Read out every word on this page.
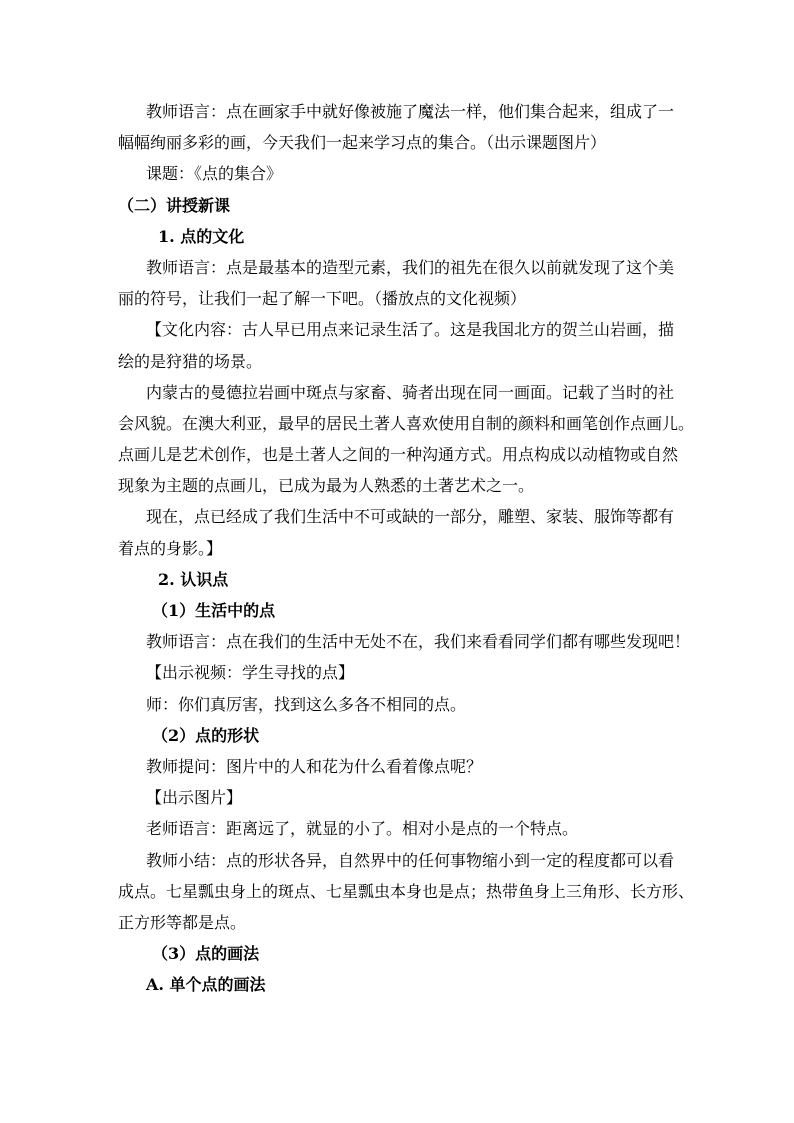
教师语言：点在画家手中就好像被施了魔法一样，他们集合起来，组成了一
幅幅绚丽多彩的画，今天我们一起来学习点的集合。（出示课题图片）
课题：《点的集合》
（二）讲授新课
1. 点的文化
教师语言：点是最基本的造型元素，我们的祖先在很久以前就发现了这个美
丽的符号，让我们一起了解一下吧。（播放点的文化视频）
【文化内容：古人早已用点来记录生活了。这是我国北方的贺兰山岩画，描
绘的是狩猎的场景。
内蒙古的曼德拉岩画中斑点与家畜、骑者出现在同一画面。记载了当时的社
会风貌。在澳大利亚，最早的居民土著人喜欢使用自制的颜料和画笔创作点画儿。
点画儿是艺术创作，也是土著人之间的一种沟通方式。用点构成以动植物或自然
现象为主题的点画儿，已成为最为人熟悉的土著艺术之一。
现在，点已经成了我们生活中不可或缺的一部分，雕塑、家装、服饰等都有
着点的身影。】
2. 认识点
（1）生活中的点
教师语言：点在我们的生活中无处不在，我们来看看同学们都有哪些发现吧！
【出示视频：学生寻找的点】
师：你们真厉害，找到这么多各不相同的点。
（2）点的形状
教师提问：图片中的人和花为什么看着像点呢？
【出示图片】
老师语言：距离远了，就显的小了。相对小是点的一个特点。
教师小结：点的形状各异，自然界中的任何事物缩小到一定的程度都可以看
成点。七星瓢虫身上的斑点、七星瓢虫本身也是点；热带鱼身上三角形、长方形、
正方形等都是点。
（3）点的画法
A. 单个点的画法
